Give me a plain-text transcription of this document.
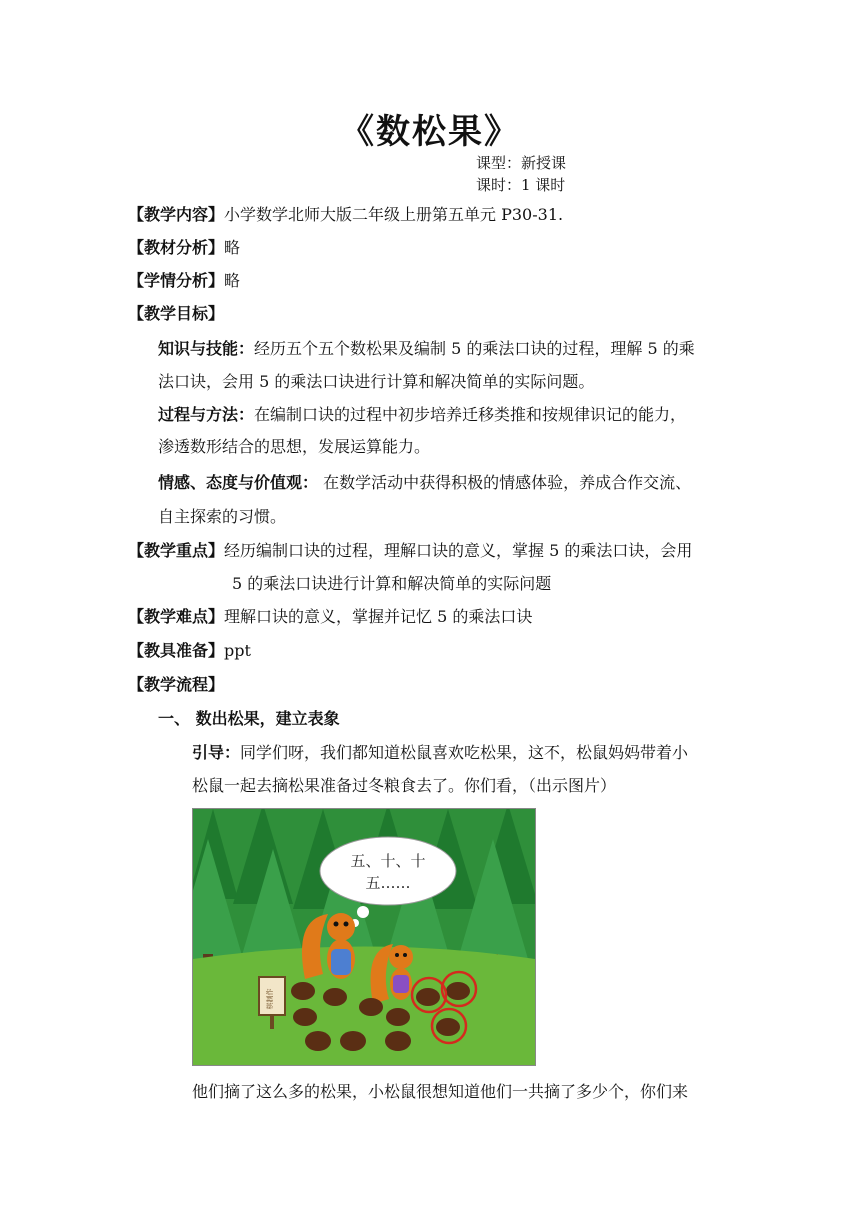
《数松果》
课型：新授课
课时：1 课时
【教学内容】小学数学北师大版二年级上册第五单元 P30-31.
【教材分析】略
【学情分析】略
【教学目标】
知识与技能：经历五个五个数松果及编制 5 的乘法口诀的过程，理解 5 的乘
法口诀，会用 5 的乘法口诀进行计算和解决简单的实际问题。
过程与方法：在编制口诀的过程中初步培养迁移类推和按规律识记的能力，
渗透数形结合的思想，发展运算能力。
情感、态度与价值观： 在数学活动中获得积极的情感体验，养成合作交流、
自主探索的习惯。
【教学重点】经历编制口诀的过程，理解口诀的意义，掌握 5 的乘法口诀，会用
5 的乘法口诀进行计算和解决简单的实际问题
【教学难点】理解口诀的意义，掌握并记忆 5 的乘法口诀
【教具准备】ppt
【教学流程】
一、 数出松果，建立表象
引导：同学们呀，我们都知道松鼠喜欢吃松果，这不，松鼠妈妈带着小
松鼠一起去摘松果准备过冬粮食去了。你们看，（出示图片）
五、十、十
五……
棋制作
他们摘了这么多的松果，小松鼠很想知道他们一共摘了多少个，你们来
